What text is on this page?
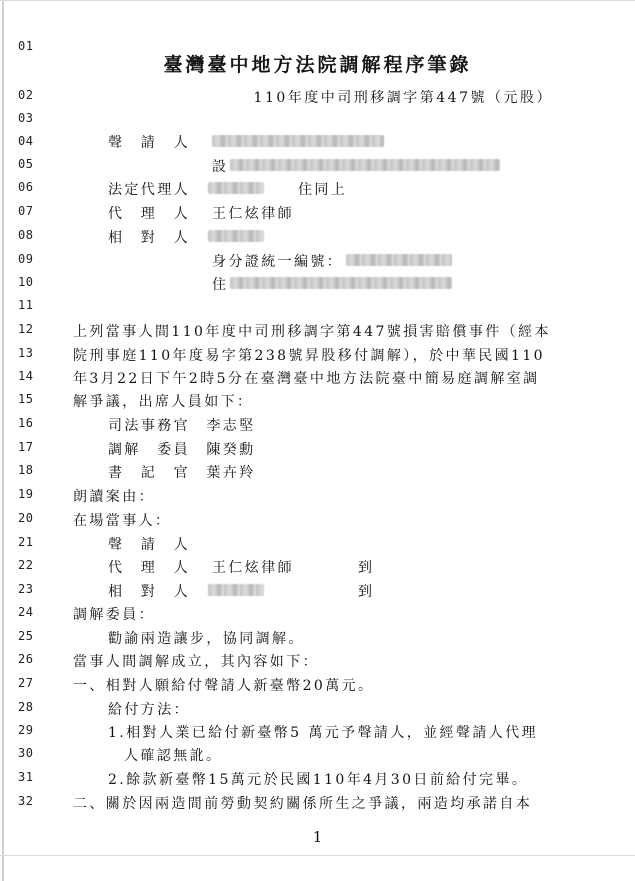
01
02
03
04
05
06
07
08
09
10
11
12
13
14
15
16
17
18
19
20
21
22
23
24
25
26
27
28
29
30
31
32
臺灣臺中地方法院調解程序筆錄
110年度中司刑移調字第447號（元股）
聲　請　人
設
法定代理人	住同上
代　理　人 王仁炫律師
相　對　人
身分證統一編號：
住
上列當事人間110年度中司刑移調字第447號損害賠償事件（經本
院刑事庭110年度易字第238號昇股移付調解），於中華民國110
年3月22日下午2時5分在臺灣臺中地方法院臺中簡易庭調解室調
解爭議，出席人員如下：
司法事務官　李志堅
調解　委員　陳癸勳
書　記　官　葉卉羚
朗讀案由：
在場當事人：
聲　請　人
代　理　人 王仁炫律師	到
相　對　人	到
調解委員：
勸諭兩造讓步，協同調解。
當事人間調解成立，其內容如下：
一、相對人願給付聲請人新臺幣20萬元。
給付方法：
1.相對人業已給付新臺幣5 萬元予聲請人，並經聲請人代理
人確認無訛。
2.餘款新臺幣15萬元於民國110年4月30日前給付完畢。
二、關於因兩造間前勞動契約關係所生之爭議，兩造均承諾自本
1
